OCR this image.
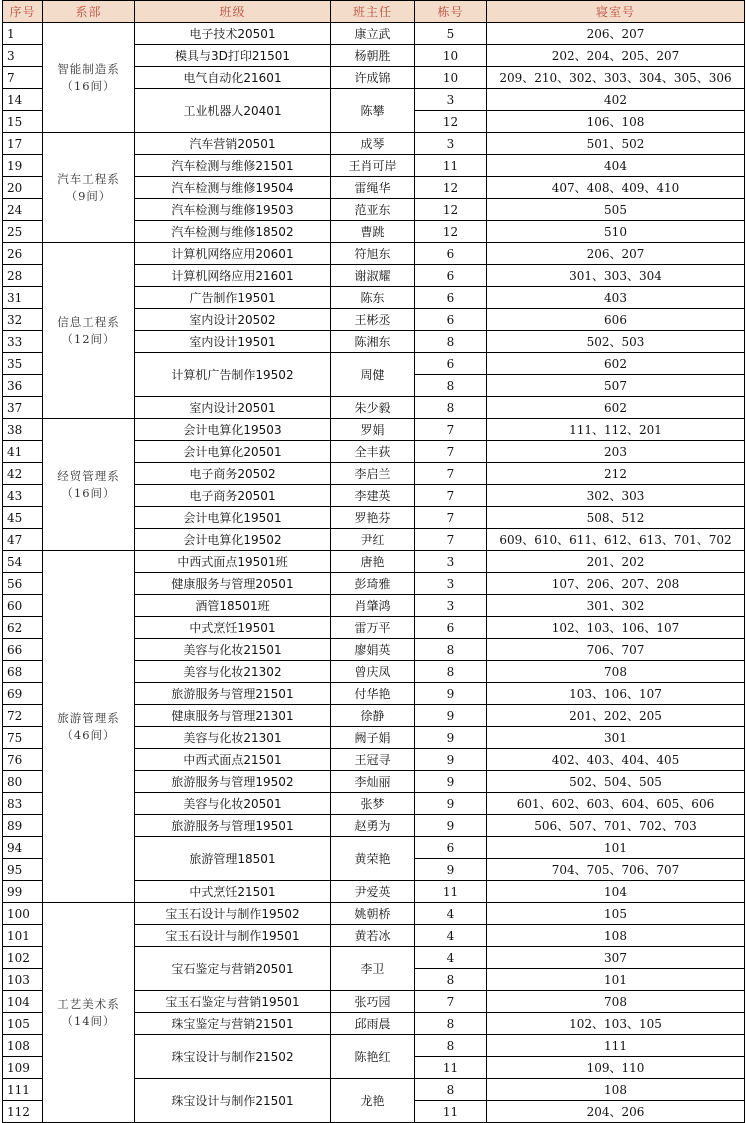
序号	系部	班级	班主任	栋号	寝室号
1	智能制造系（16间）	电子技术20501	康立武	5	206、207
3		模具与3D打印21501	杨朝胜	10	202、204、205、207
7		电气自动化21601	许成锦	10	209、210、302、303、304、305、306
14		工业机器人20401	陈攀	3	402
15				12	106、108
17	汽车工程系（9间）	汽车营销20501	成琴	3	501、502
19		汽车检测与维修21501	王肖可岸	11	404
20		汽车检测与维修19504	雷绳华	12	407、408、409、410
24		汽车检测与维修19503	范亚东	12	505
25		汽车检测与维修18502	曹跳	12	510
26	信息工程系（12间）	计算机网络应用20601	符旭东	6	206、207
28		计算机网络应用21601	谢淑耀	6	301、303、304
31		广告制作19501	陈东	6	403
32		室内设计20502	王彬丞	6	606
33		室内设计19501	陈湘东	8	502、503
35		计算机广告制作19502	周健	6	602
36				8	507
37		室内设计20501	朱少毅	8	602
38	经贸管理系（16间）	会计电算化19503	罗娟	7	111、112、201
41		会计电算化20501	全丰荻	7	203
42		电子商务20502	李启兰	7	212
43		电子商务20501	李建英	7	302、303
45		会计电算化19501	罗艳芬	7	508、512
47		会计电算化19502	尹红	7	609、610、611、612、613、701、702
54	旅游管理系（46间）	中西式面点19501班	唐艳	3	201、202
56		健康服务与管理20501	彭琦雅	3	107、206、207、208
60		酒管18501班	肖肇鸿	3	301、302
62		中式烹饪19501	雷万平	6	102、103、106、107
66		美容与化妆21501	廖娟英	8	706、707
68		美容与化妆21302	曾庆凤	8	708
69		旅游服务与管理21501	付华艳	9	103、106、107
72		健康服务与管理21301	徐静	9	201、202、205
75		美容与化妆21301	阙子娟	9	301
76		中西式面点21501	王冠寻	9	402、403、404、405
80		旅游服务与管理19502	李灿丽	9	502、504、505
83		美容与化妆20501	张梦	9	601、602、603、604、605、606
89		旅游服务与管理19501	赵勇为	9	506、507、701、702、703
94		旅游管理18501	黄荣艳	6	101
95				9	704、705、706、707
99		中式烹饪21501	尹爱英	11	104
100	工艺美术系（14间）	宝玉石设计与制作19502	姚朝桥	4	105
101		宝玉石设计与制作19501	黄若冰	4	108
102		宝石鉴定与营销20501	李卫	4	307
103				8	101
104		宝玉石鉴定与营销19501	张巧园	7	708
105		珠宝鉴定与营销21501	邱雨晨	8	102、103、105
108		珠宝设计与制作21502	陈艳红	8	111
109				11	109、110
111		珠宝设计与制作21501	龙艳	8	108
112				11	204、206
